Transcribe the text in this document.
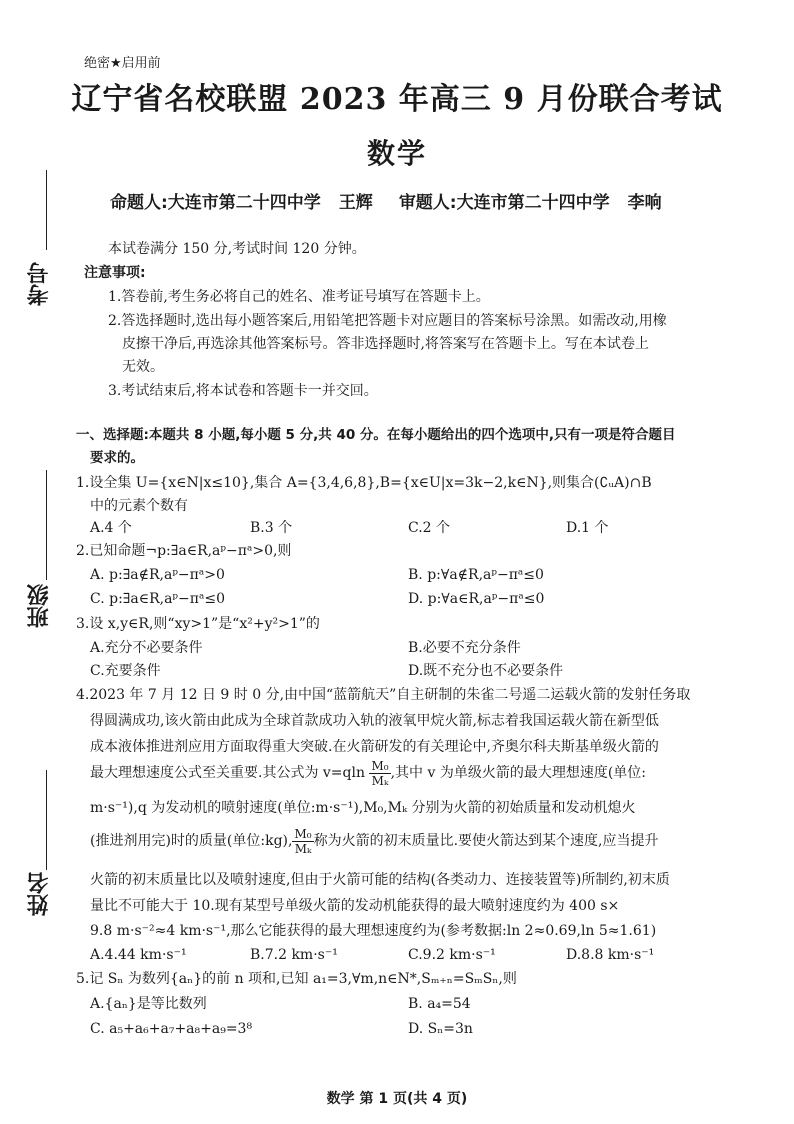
考号
班级
姓名
绝密★启用前
辽宁省名校联盟 2023 年高三 9 月份联合考试
数学
命题人:大连市第二十四中学 王辉 审题人:大连市第二十四中学 李响
本试卷满分 150 分,考试时间 120 分钟。
注意事项:
1.答卷前,考生务必将自己的姓名、准考证号填写在答题卡上。
2.答选择题时,选出每小题答案后,用铅笔把答题卡对应题目的答案标号涂黑。如需改动,用橡
皮擦干净后,再选涂其他答案标号。答非选择题时,将答案写在答题卡上。写在本试卷上
无效。
3.考试结束后,将本试卷和答题卡一并交回。
一、选择题:本题共 8 小题,每小题 5 分,共 40 分。在每小题给出的四个选项中,只有一项是符合题目
要求的。
1.设全集 U={x∈N|x≤10},集合 A={3,4,6,8},B={x∈U|x=3k−2,k∈N},则集合(∁ᵤA)∩B
中的元素个数有
A.4 个	B.3 个	C.2 个	D.1 个
2.已知命题¬p:∃a∈R,aᵖ−πᵃ>0,则
A. p:∃a∉R,aᵖ−πᵃ>0	B. p:∀a∉R,aᵖ−πᵃ≤0
C. p:∃a∈R,aᵖ−πᵃ≤0	D. p:∀a∈R,aᵖ−πᵃ≤0
3.设 x,y∈R,则“xy>1”是“x²+y²>1”的
A.充分不必要条件	B.必要不充分条件
C.充要条件	D.既不充分也不必要条件
4.2023 年 7 月 12 日 9 时 0 分,由中国“蓝箭航天”自主研制的朱雀二号遥二运载火箭的发射任务取
得圆满成功,该火箭由此成为全球首款成功入轨的液氧甲烷火箭,标志着我国运载火箭在新型低
成本液体推进剂应用方面取得重大突破.在火箭研发的有关理论中,齐奥尔科夫斯基单级火箭的
最大理想速度公式至关重要.其公式为 $v=qln \frac{\text{M₀}}{\text{Mₖ}}$ ,其中 v 为单级火箭的最大理想速度(单位:
m·s⁻¹),q 为发动机的喷射速度(单位:m·s⁻¹),M₀,Mₖ 分别为火箭的初始质量和发动机熄火
(推进剂用完)时的质量(单位:kg), $\frac{\text{M₀}}{\text{Mₖ}}$ 称为火箭的初末质量比.要使火箭达到某个速度,应当提升
火箭的初末质量比以及喷射速度,但由于火箭可能的结构(各类动力、连接装置等)所制约,初末质
量比不可能大于 10.现有某型号单级火箭的发动机能获得的最大喷射速度约为 400 s×
9.8 m·s⁻²≈4 km·s⁻¹,那么它能获得的最大理想速度约为(参考数据:ln 2≈0.69,ln 5≈1.61)
A.4.44 km·s⁻¹	B.7.2 km·s⁻¹	C.9.2 km·s⁻¹	D.8.8 km·s⁻¹
5.记 Sₙ 为数列{aₙ}的前 n 项和,已知 a₁=3,∀m,n∈N*,Sₘ₊ₙ=SₘSₙ,则
A.{aₙ}是等比数列	B. a₄=54
C. a₅+a₆+a₇+a₈+a₉=3⁸	D. Sₙ=3n
数学 第 1 页(共 4 页)
